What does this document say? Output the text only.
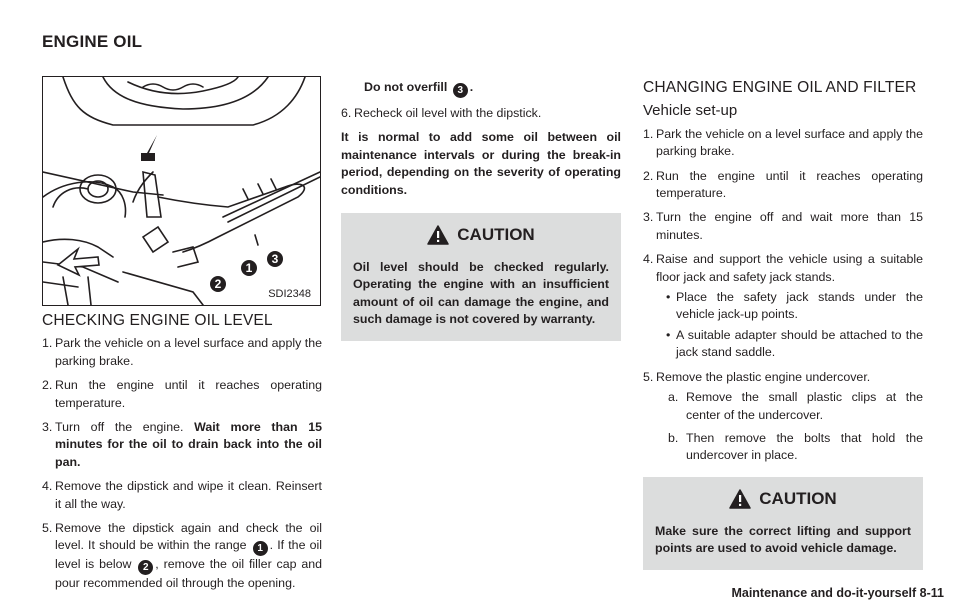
ENGINE OIL
1
2
3
SDI2348
CHECKING ENGINE OIL LEVEL
1. Park the vehicle on a level surface and apply the parking brake.
2. Run the engine until it reaches operating temperature.
3. Turn off the engine. Wait more than 15 minutes for the oil to drain back into the oil pan.
4. Remove the dipstick and wipe it clean. Reinsert it all the way.
5. Remove the dipstick again and check the oil level. It should be within the range 1 . If the oil level is below 2 , remove the oil filler cap and pour recommended oil through the opening.
Do not overfill 3 .
6. Recheck oil level with the dipstick.
It is normal to add some oil between oil maintenance intervals or during the break-in period, depending on the severity of operating conditions.
CAUTION
Oil level should be checked regularly. Operating the engine with an insufficient amount of oil can damage the engine, and such damage is not covered by warranty.
CHANGING ENGINE OIL AND FILTER
Vehicle set-up
1. Park the vehicle on a level surface and apply the parking brake.
2. Run the engine until it reaches operating temperature.
3. Turn the engine off and wait more than 15 minutes.
4. Raise and support the vehicle using a suitable floor jack and safety jack stands.
• Place the safety jack stands under the vehicle jack-up points.
• A suitable adapter should be attached to the jack stand saddle.
5. Remove the plastic engine undercover.
a. Remove the small plastic clips at the center of the undercover.
b. Then remove the bolts that hold the undercover in place.
CAUTION
Make sure the correct lifting and support points are used to avoid vehicle damage.
Maintenance and do-it-yourself 8-11
